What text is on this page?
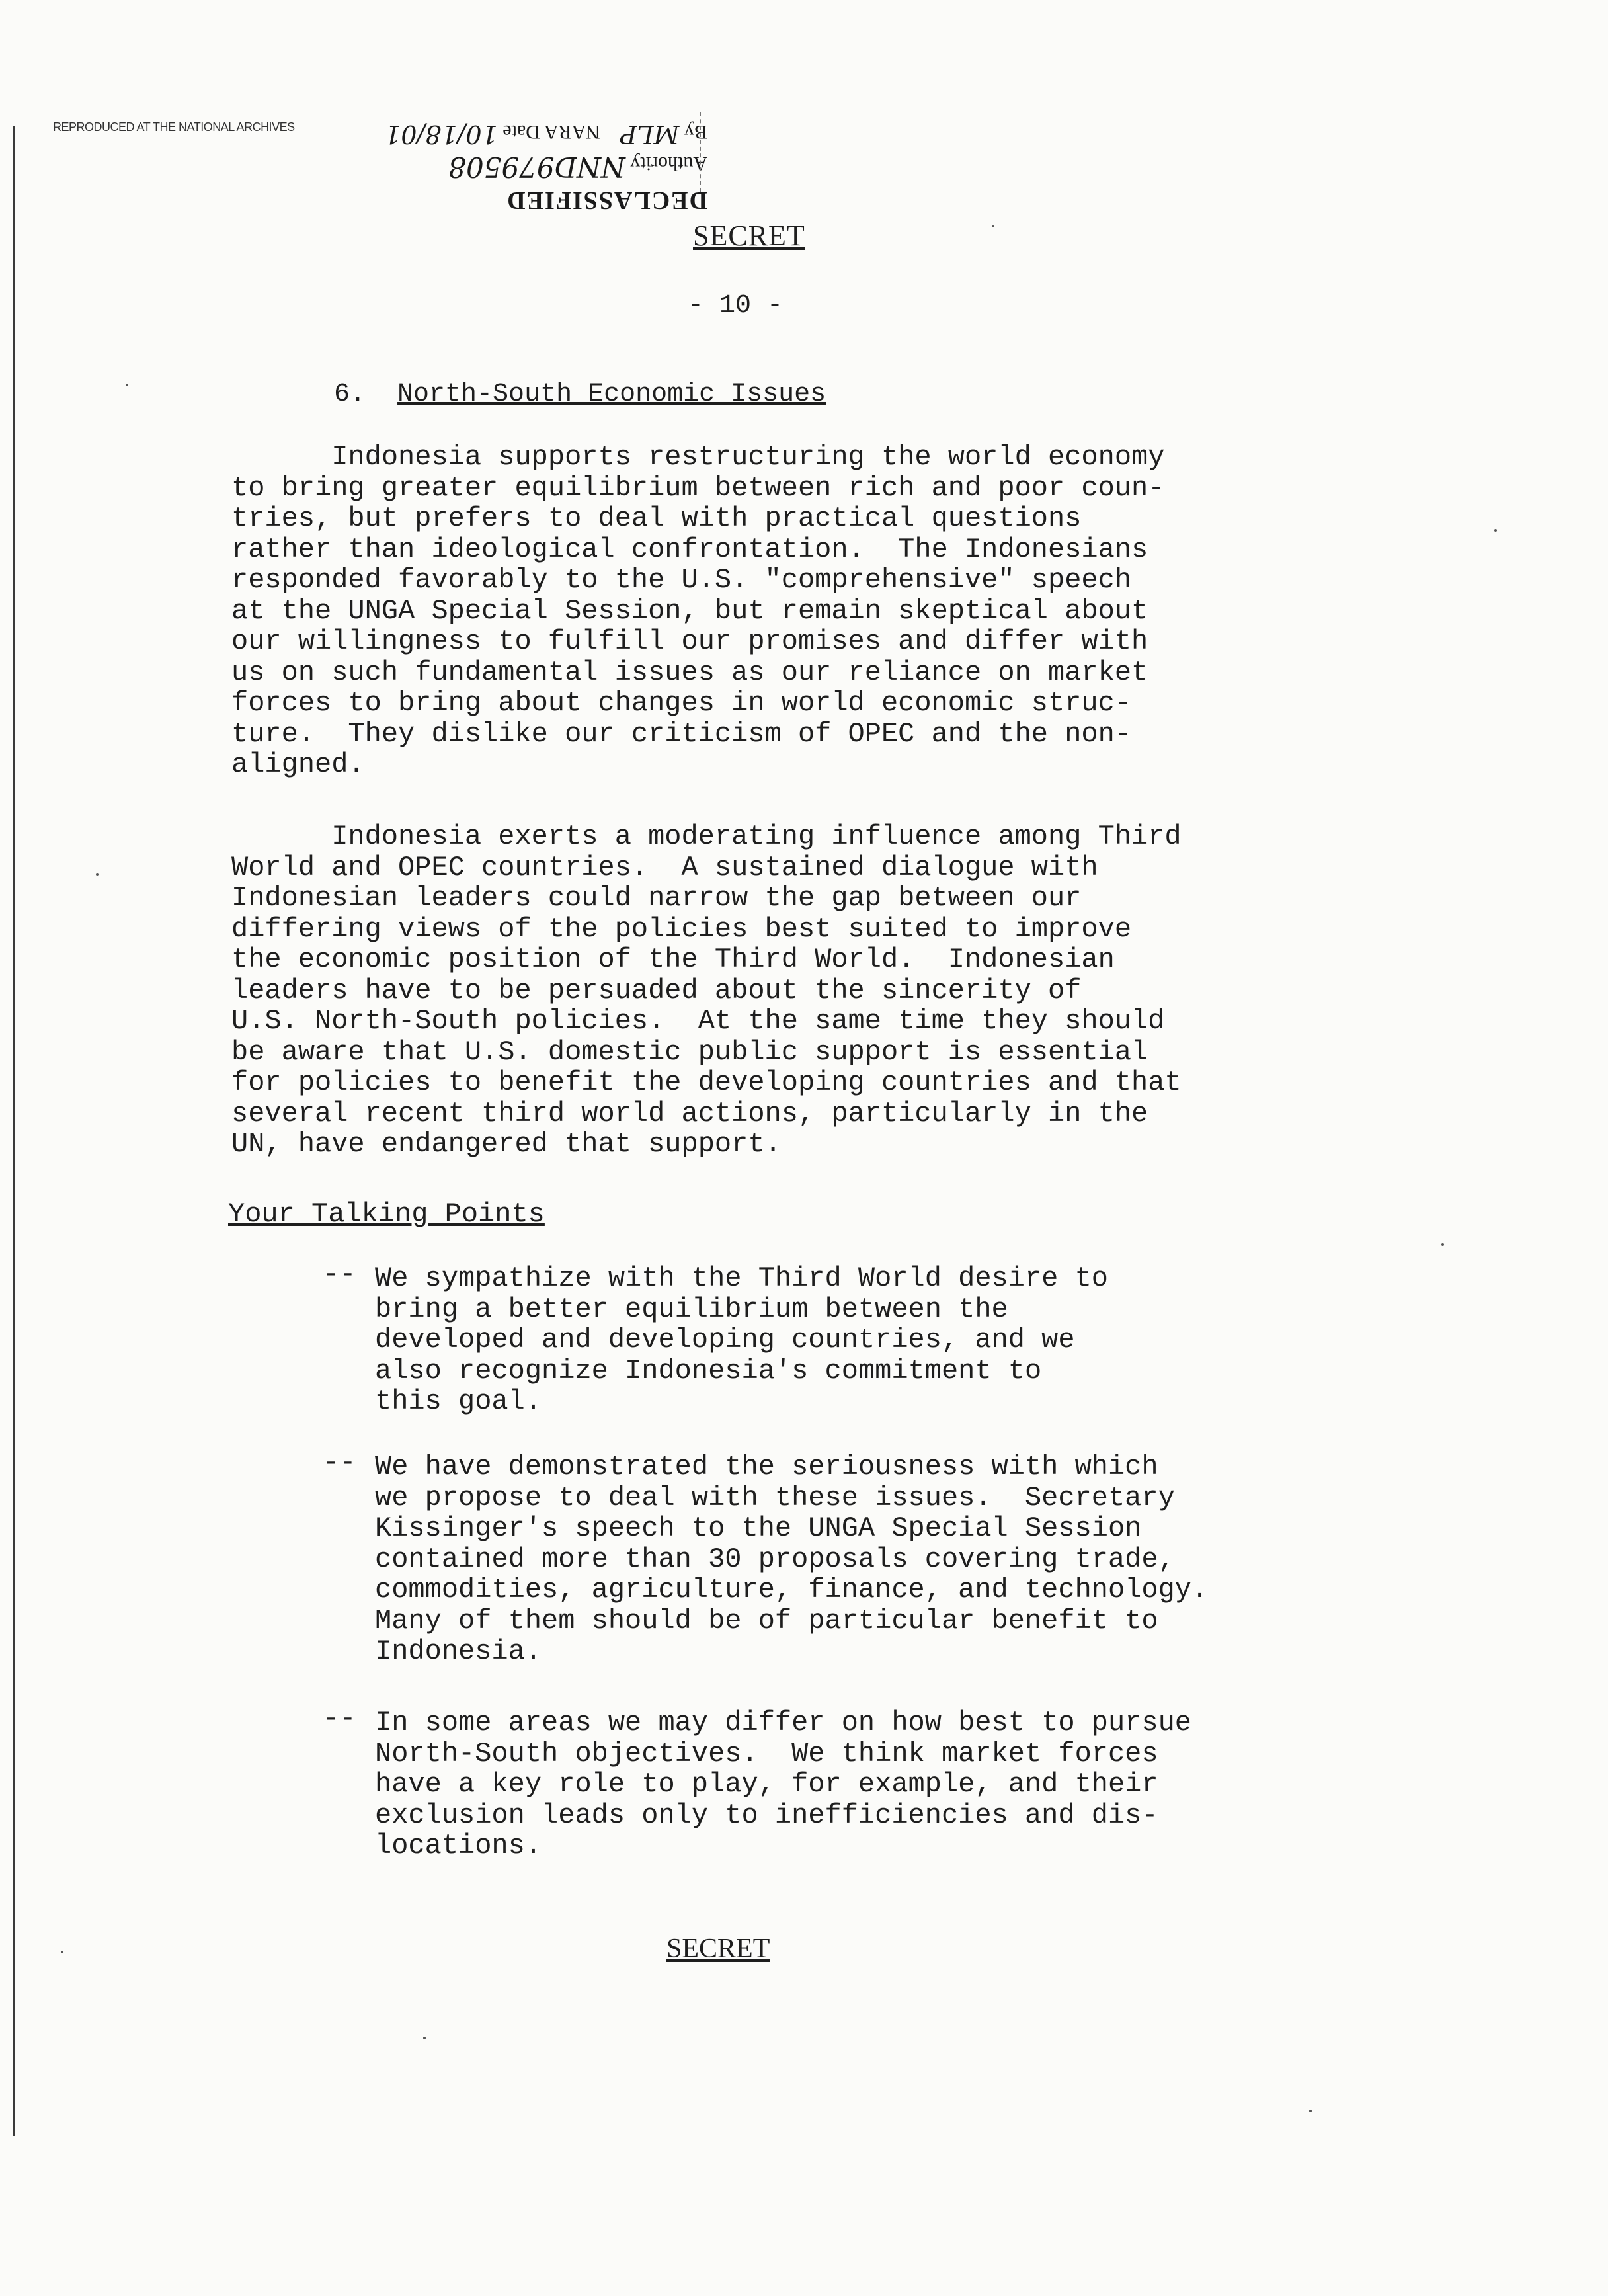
REPRODUCED AT THE NATIONAL ARCHIVES
DECLASSIFIED
Authority NND979508
By MLP    NARA Date 10/18/01
SECRET
- 10 -
6. North-South Economic Issues
Indonesia supports restructuring the world economy
to bring greater equilibrium between rich and poor coun-
tries, but prefers to deal with practical questions
rather than ideological confrontation.  The Indonesians
responded favorably to the U.S. "comprehensive" speech
at the UNGA Special Session, but remain skeptical about
our willingness to fulfill our promises and differ with
us on such fundamental issues as our reliance on market
forces to bring about changes in world economic struc-
ture.  They dislike our criticism of OPEC and the non-
aligned.
Indonesia exerts a moderating influence among Third
World and OPEC countries.  A sustained dialogue with
Indonesian leaders could narrow the gap between our
differing views of the policies best suited to improve
the economic position of the Third World.  Indonesian
leaders have to be persuaded about the sincerity of
U.S. North-South policies.  At the same time they should
be aware that U.S. domestic public support is essential
for policies to benefit the developing countries and that
several recent third world actions, particularly in the
UN, have endangered that support.
Your Talking Points
-- We sympathize with the Third World desire to
bring a better equilibrium between the
developed and developing countries, and we
also recognize Indonesia's commitment to
this goal.
-- We have demonstrated the seriousness with which
we propose to deal with these issues.  Secretary
Kissinger's speech to the UNGA Special Session
contained more than 30 proposals covering trade,
commodities, agriculture, finance, and technology.
Many of them should be of particular benefit to
Indonesia.
-- In some areas we may differ on how best to pursue
North-South objectives.  We think market forces
have a key role to play, for example, and their
exclusion leads only to inefficiencies and dis-
locations.
SECRET
